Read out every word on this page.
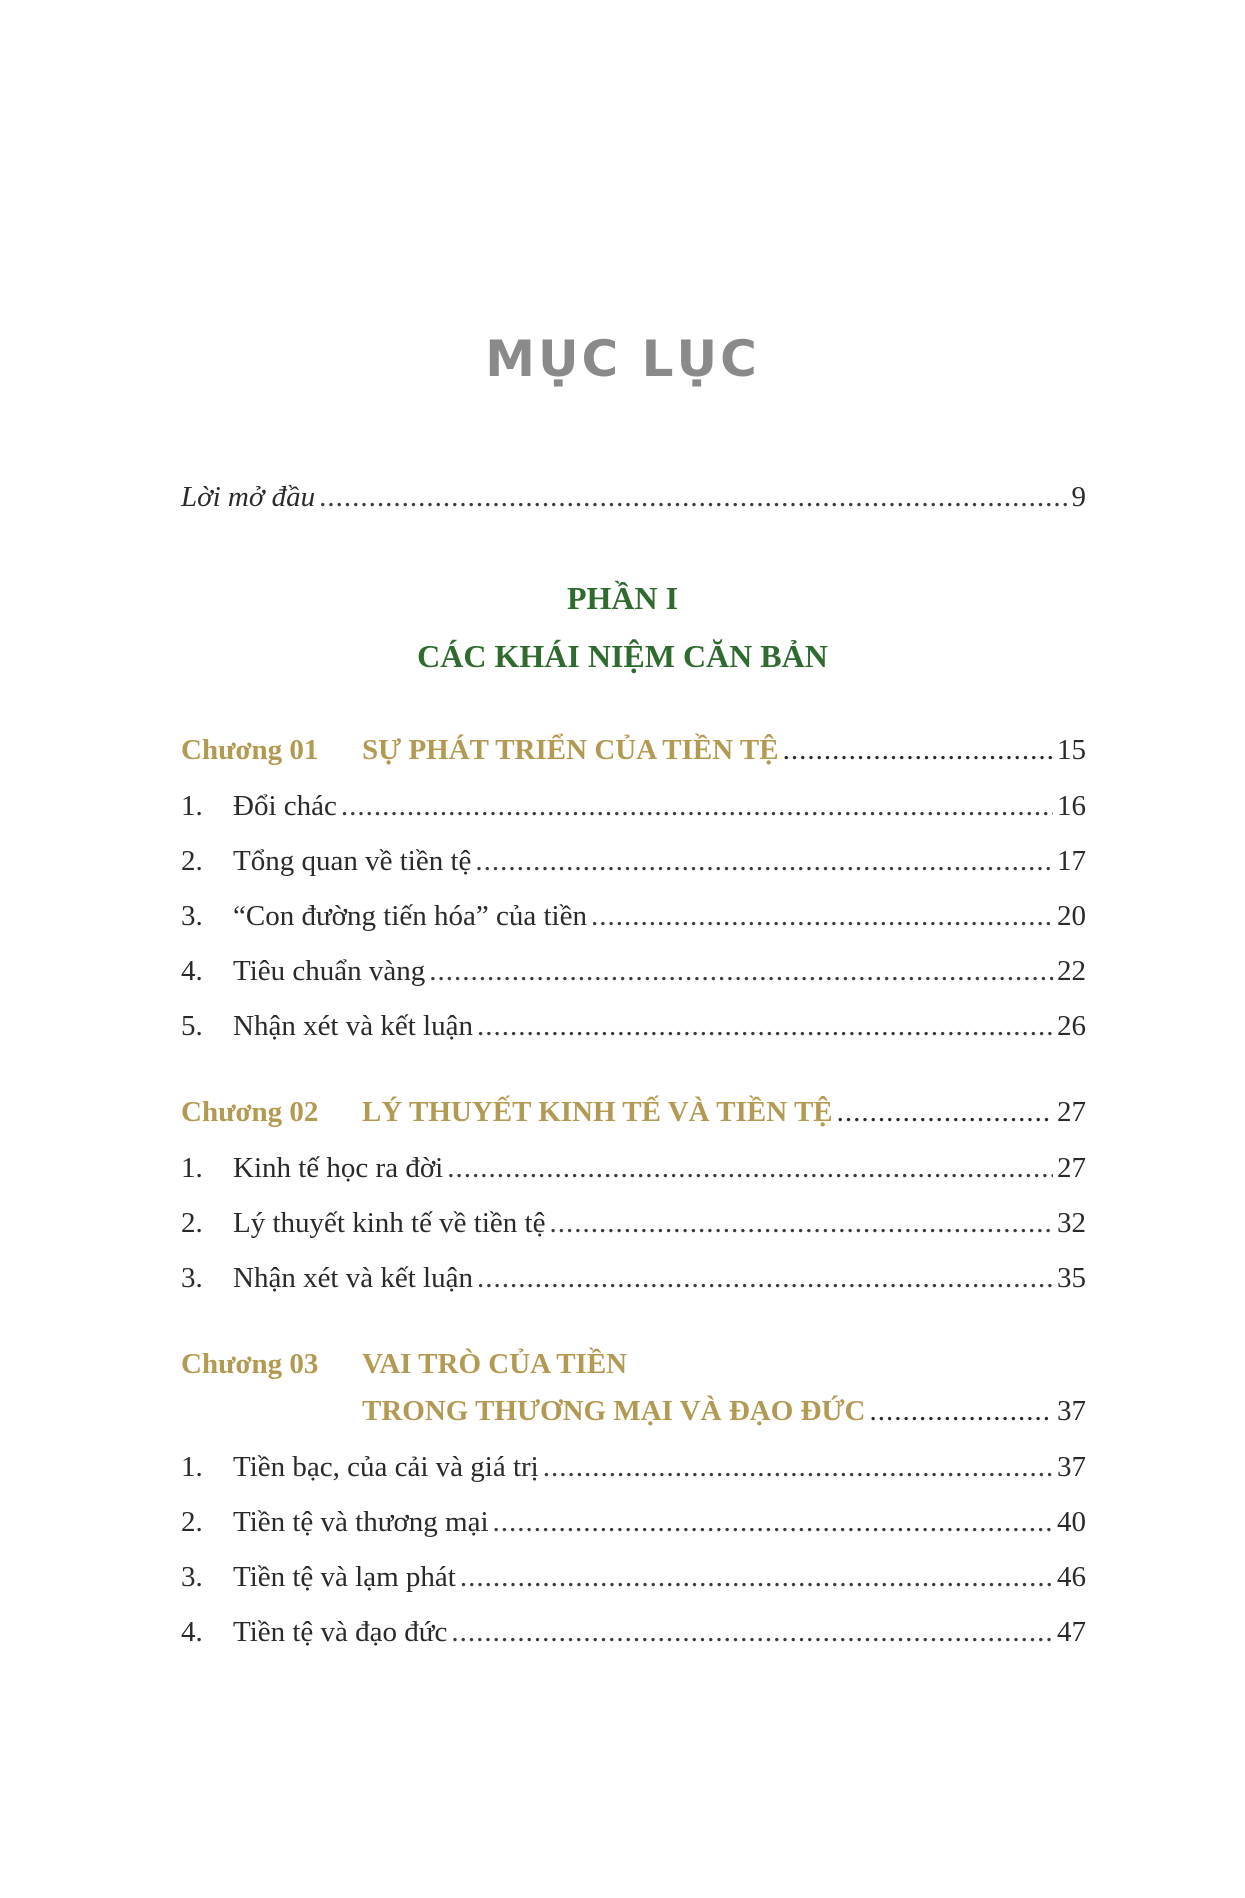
MỤC LỤC
Lời mở đầu .....	9
PHẦN I
CÁC KHÁI NIỆM CĂN BẢN
Chương 01	SỰ PHÁT TRIỂN CỦA TIỀN TỆ .....	15
1.	Đổi chác .....	16
2.	Tổng quan về tiền tệ .....	17
3.	“Con đường tiến hóa” của tiền .....	20
4.	Tiêu chuẩn vàng .....	22
5.	Nhận xét và kết luận .....	26
Chương 02	LÝ THUYẾT KINH TẾ VÀ TIỀN TỆ .....	27
1.	Kinh tế học ra đời .....	27
2.	Lý thuyết kinh tế về tiền tệ .....	32
3.	Nhận xét và kết luận .....	35
Chương 03	VAI TRÒ CỦA TIỀN
TRONG THƯƠNG MẠI VÀ ĐẠO ĐỨC .....	37
1.	Tiền bạc, của cải và giá trị .....	37
2.	Tiền tệ và thương mại .....	40
3.	Tiền tệ và lạm phát .....	46
4.	Tiền tệ và đạo đức .....	47
